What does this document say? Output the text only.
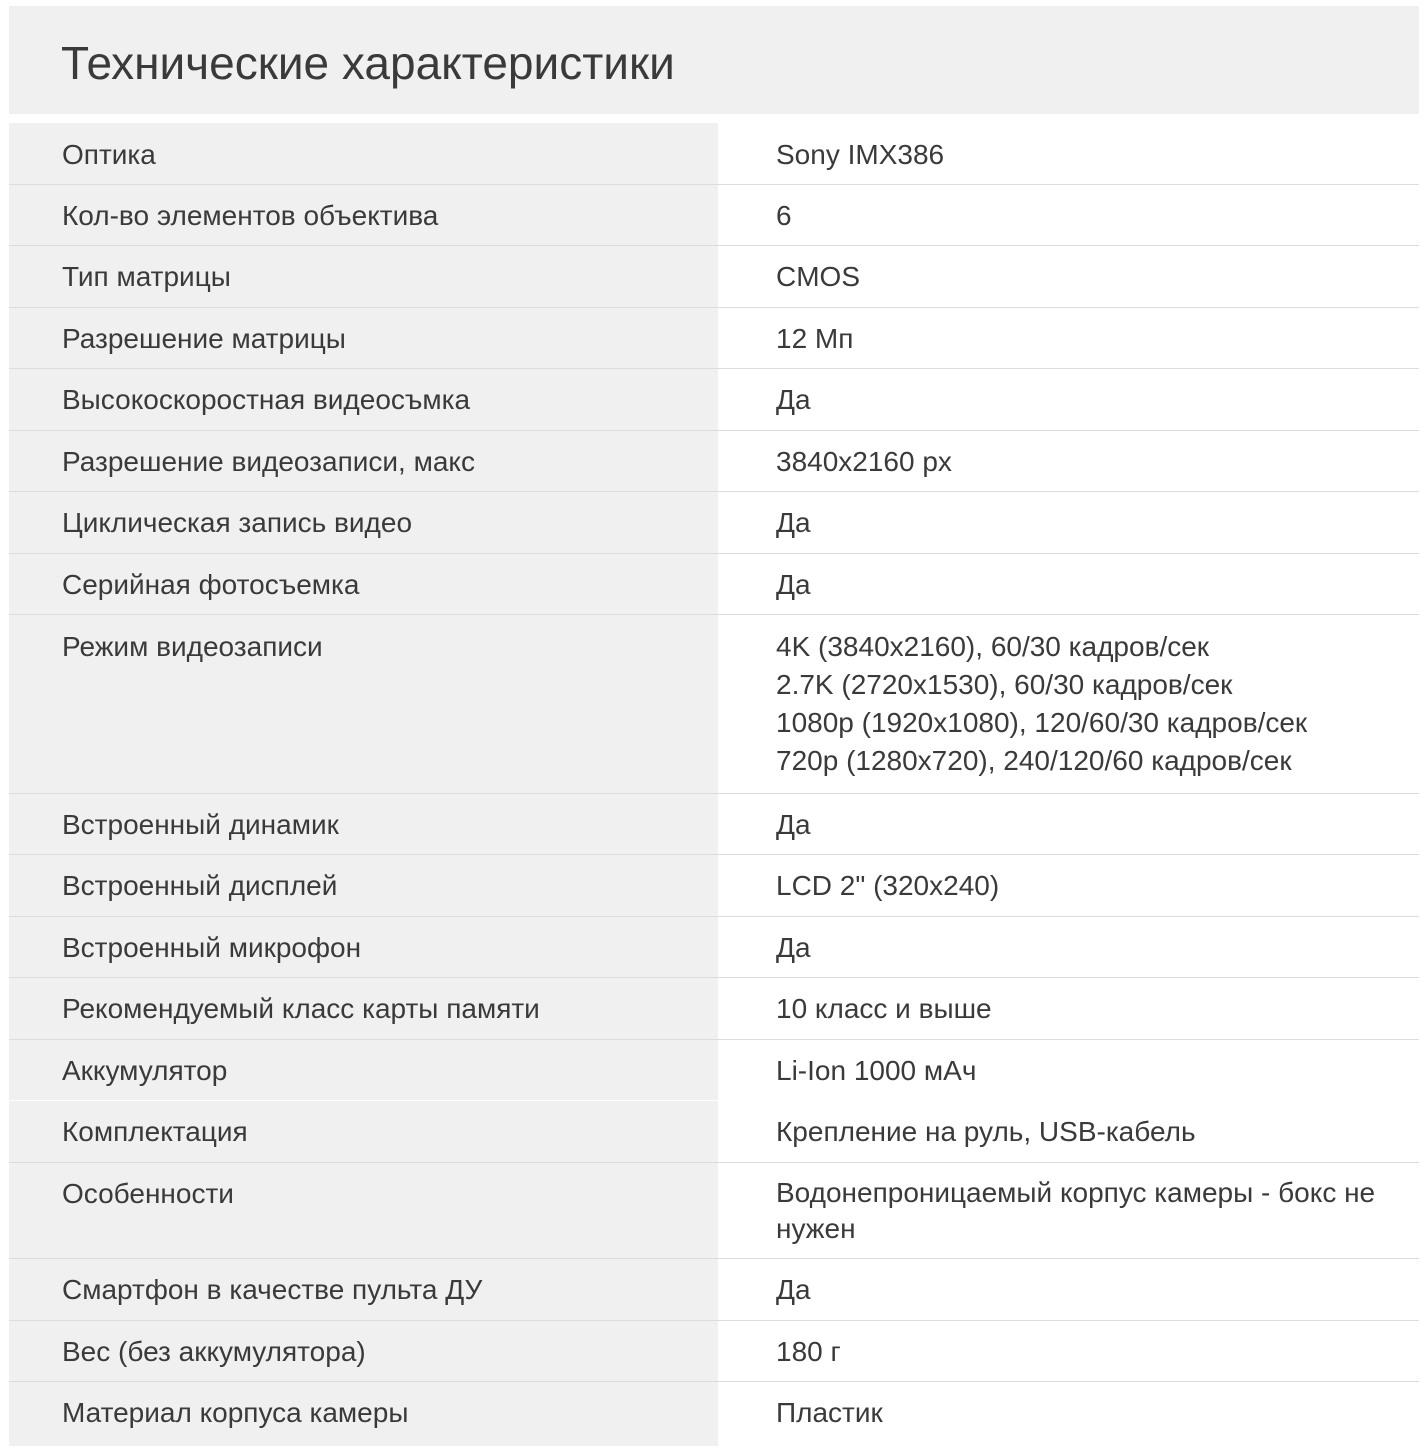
Технические характеристики
Оптика	Sony IMX386
Кол-во элементов объектива	6
Тип матрицы	CMOS
Разрешение матрицы	12 Мп
Высокоскоростная видеосъмка	Да
Разрешение видеозаписи, макс	3840x2160 px
Циклическая запись видео	Да
Серийная фотосъемка	Да
Режим видеозаписи	4K (3840x2160), 60/30 кадров/сек
2.7K (2720x1530), 60/30 кадров/сек
1080p (1920x1080), 120/60/30 кадров/сек
720p (1280x720), 240/120/60 кадров/сек
Встроенный динамик	Да
Встроенный дисплей	LCD 2" (320x240)
Встроенный микрофон	Да
Рекомендуемый класс карты памяти	10 класс и выше
Аккумулятор	Li-Ion 1000 мАч
Комплектация	Крепление на руль, USB-кабель
Особенности	Водонепроницаемый корпус камеры - бокс не нужен
Смартфон в качестве пульта ДУ	Да
Вес (без аккумулятора)	180 г
Материал корпуса камеры	Пластик
